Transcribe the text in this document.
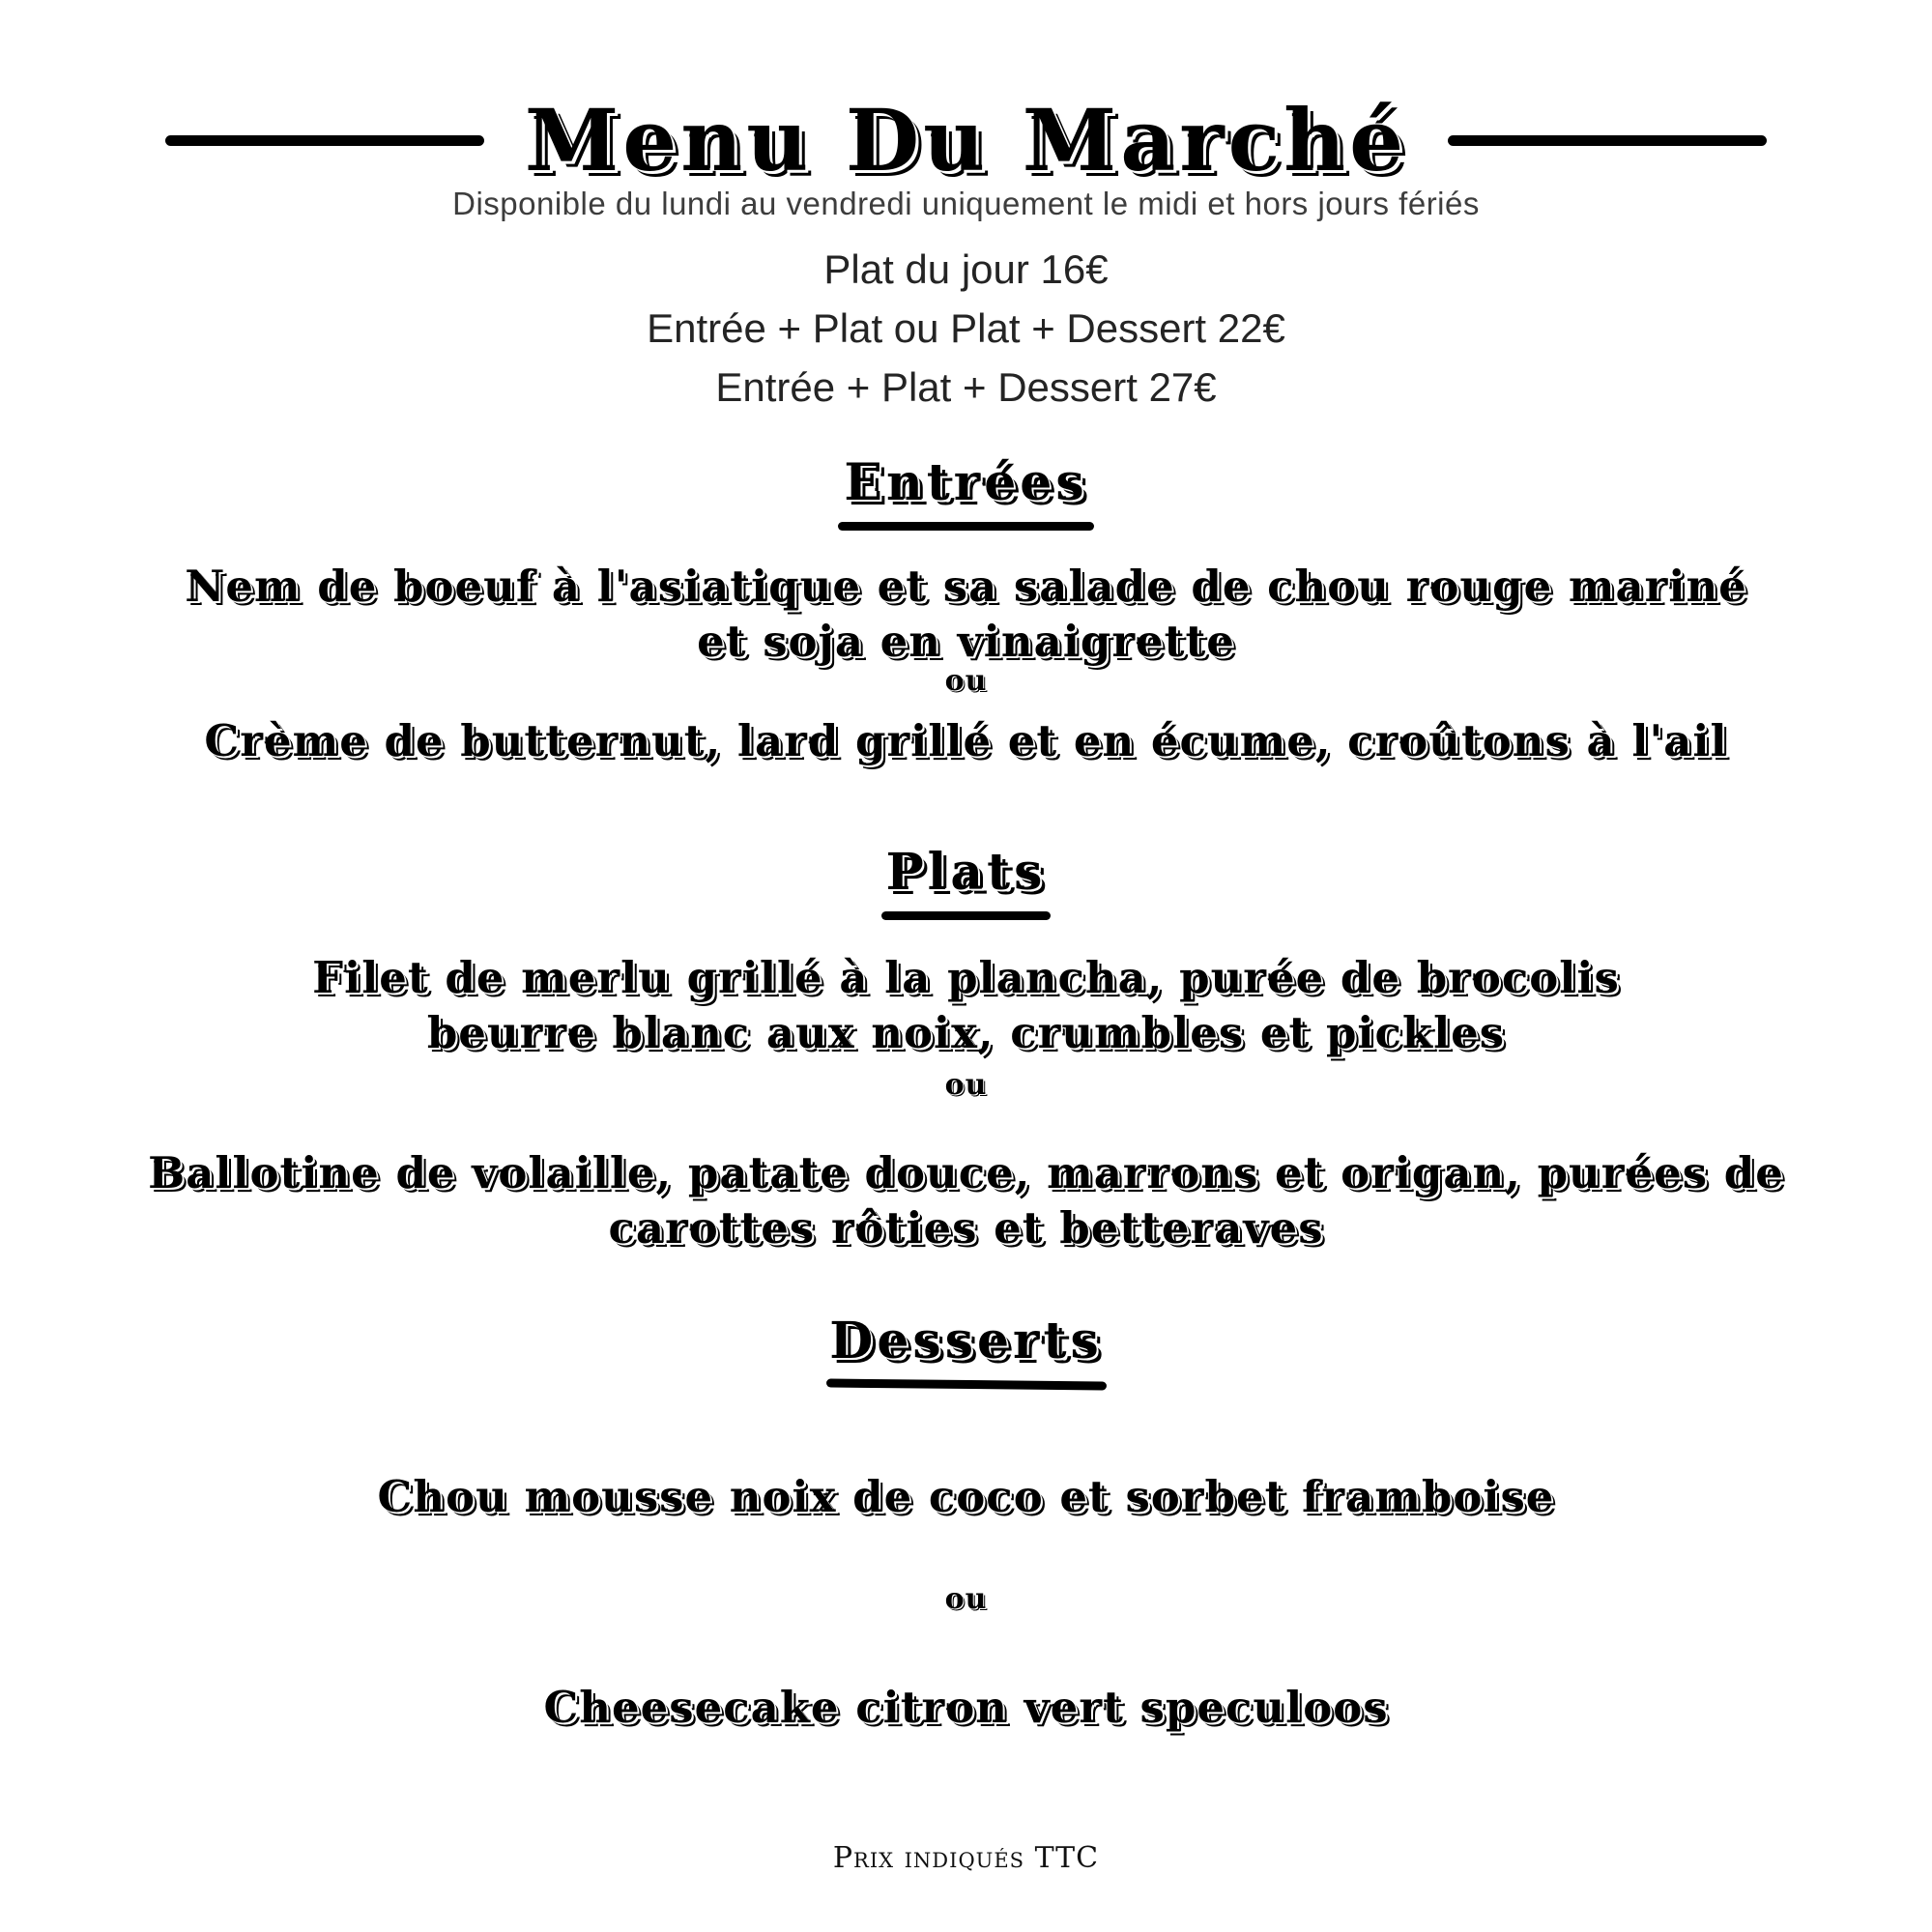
Menu Du Marché
Disponible du lundi au vendredi uniquement le midi et hors jours fériés
Plat du jour 16€
Entrée + Plat ou Plat + Dessert 22€
Entrée + Plat + Dessert 27€
Entrées
Nem de boeuf à l'asiatique et sa salade de chou rouge mariné
et soja en vinaigrette
ou
Crème de butternut, lard grillé et en écume, croûtons à l'ail
Plats
Filet de merlu grillé à la plancha, purée de brocolis
beurre blanc aux noix, crumbles et pickles
ou
Ballotine de volaille, patate douce, marrons et origan, purées de
carottes rôties et betteraves
Desserts
Chou mousse noix de coco et sorbet framboise
ou
Cheesecake citron vert speculoos
Prix indiqués TTC
